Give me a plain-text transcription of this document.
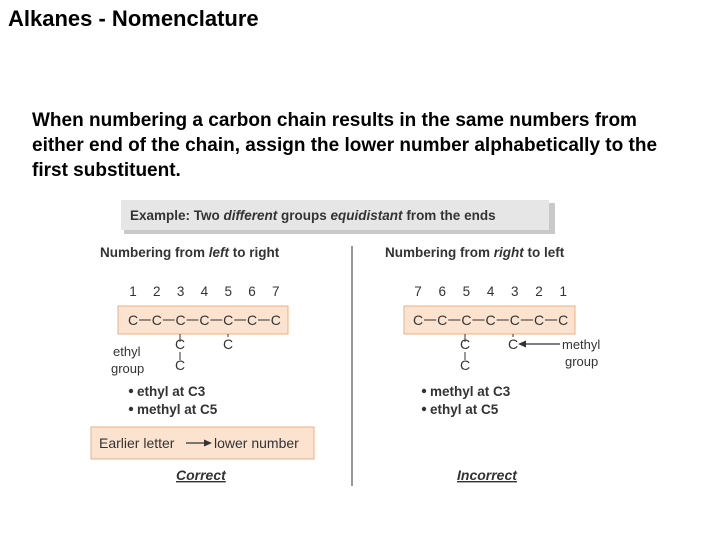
Alkanes - Nomenclature
When numbering a carbon chain results in the same numbers from either end of the chain, assign the lower number alphabetically to the first substituent.
Example: Two different groups equidistant from the ends
Numbering from left to right
1 2 3 4 5 6 7
C C C C C C C
C
C
C
ethyl
group
ethyl at C3
methyl at C5
Earlier letter	lower number
Correct
Numbering from right to left
7 6 5 4 3 2 1
C C C C C C C
C
C
C	methyl
group
methyl at C3
ethyl at C5
Incorrect
